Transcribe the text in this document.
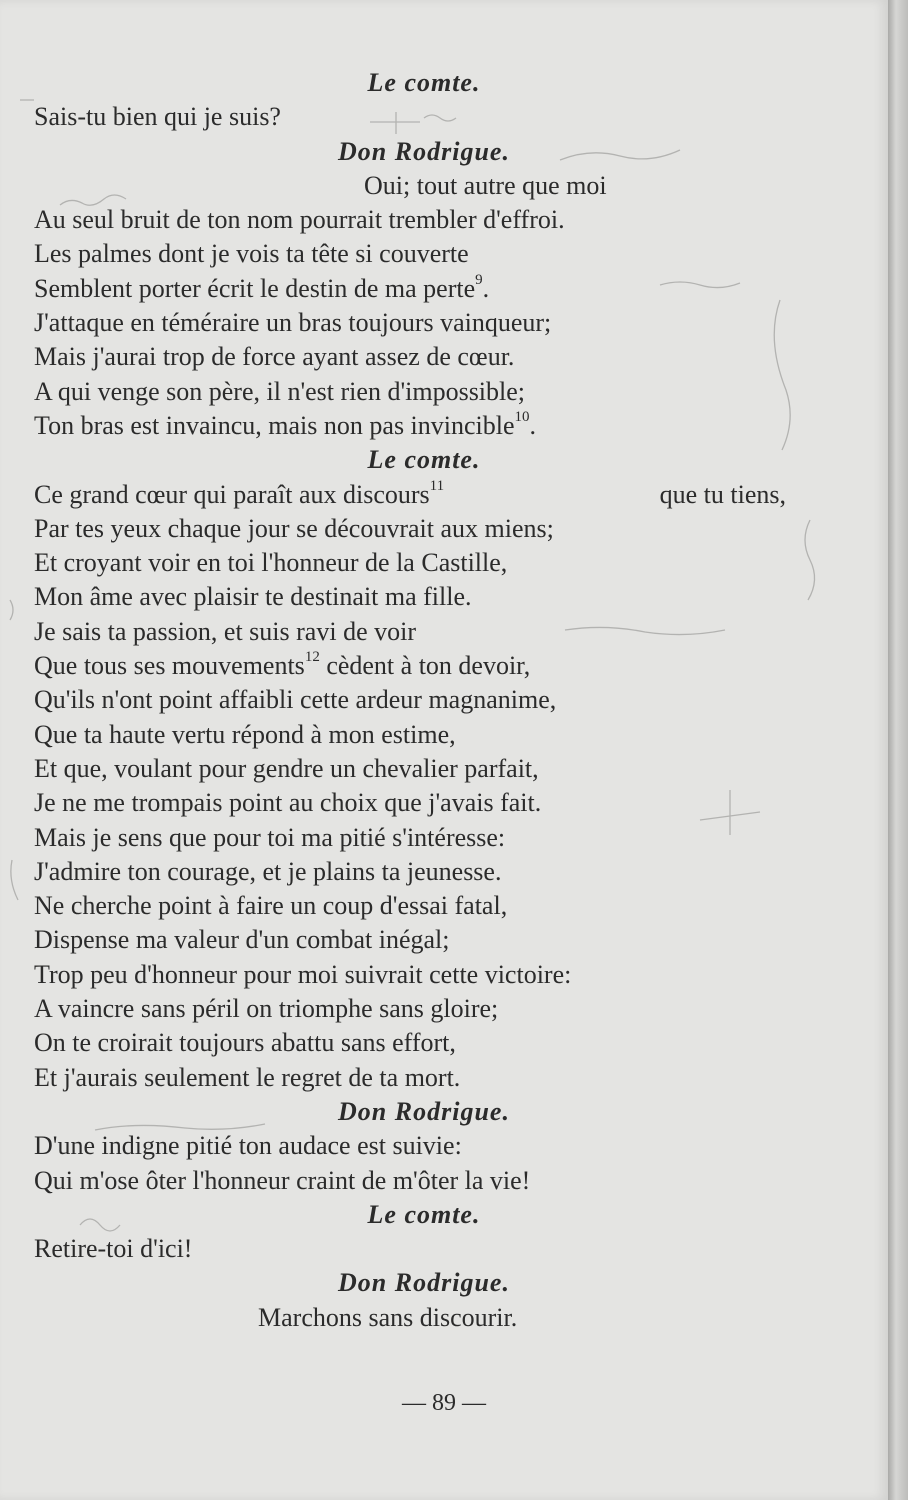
Le comte.
Sais-tu bien qui je suis?
Don Rodrigue.
Oui; tout autre que moi
Au seul bruit de ton nom pourrait trembler d'effroi.
Les palmes dont je vois ta tête si couverte
Semblent porter écrit le destin de ma perte$^9$.
J'attaque en téméraire un bras toujours vainqueur;
Mais j'aurai trop de force ayant assez de cœur.
A qui venge son père, il n'est rien d'impossible;
Ton bras est invaincu, mais non pas invincible$^{10}$.
Le comte.
Ce grand cœur qui paraît aux discours$^{11}$	que tu tiens,
Par tes yeux chaque jour se découvrait aux miens;
Et croyant voir en toi l'honneur de la Castille,
Mon âme avec plaisir te destinait ma fille.
Je sais ta passion, et suis ravi de voir
Que tous ses mouvements$^{12}$ cèdent à ton devoir,
Qu'ils n'ont point affaibli cette ardeur magnanime,
Que ta haute vertu répond à mon estime,
Et que, voulant pour gendre un chevalier parfait,
Je ne me trompais point au choix que j'avais fait.
Mais je sens que pour toi ma pitié s'intéresse:
J'admire ton courage, et je plains ta jeunesse.
Ne cherche point à faire un coup d'essai fatal,
Dispense ma valeur d'un combat inégal;
Trop peu d'honneur pour moi suivrait cette victoire:
A vaincre sans péril on triomphe sans gloire;
On te croirait toujours abattu sans effort,
Et j'aurais seulement le regret de ta mort.
Don Rodrigue.
D'une indigne pitié ton audace est suivie:
Qui m'ose ôter l'honneur craint de m'ôter la vie!
Le comte.
Retire-toi d'ici!
Don Rodrigue.
Marchons sans discourir.
— 89 —
